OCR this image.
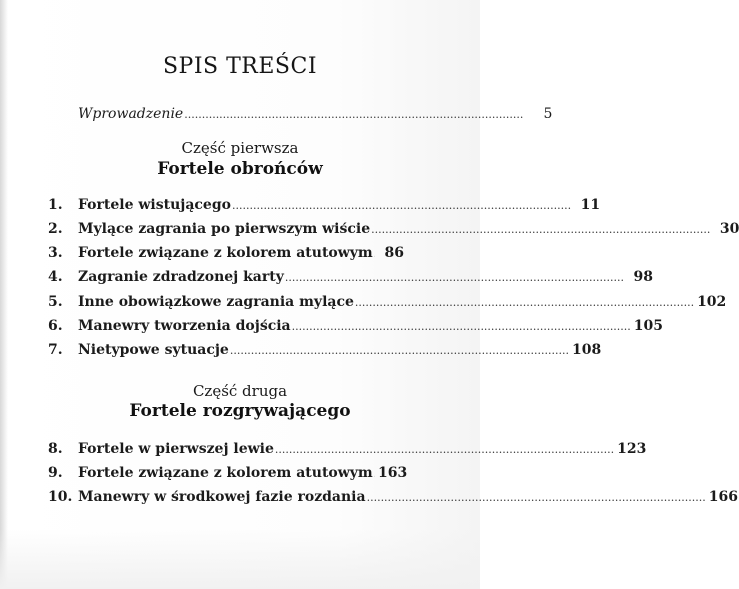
SPIS TREŚCI
Wprowadzenie .................................................................................................	5
Część pierwsza
Fortele obrońców
1.	Fortele wistującego ................................................................................................. 11
2.	Mylące zagrania po pierwszym wiście ................................................................................................. 30
3.	Fortele związane z kolorem atutowym 86
4.	Zagranie zdradzonej karty ................................................................................................. 98
5.	Inne obowiązkowe zagrania mylące ................................................................................................. 102
6.	Manewry tworzenia dojścia ................................................................................................. 105
7.	Nietypowe sytuacje ................................................................................................. 108
Część druga
Fortele rozgrywającego
8.	Fortele w pierwszej lewie ................................................................................................. 123
9.	Fortele związane z kolorem atutowym 163
10. Manewry w środkowej fazie rozdania ................................................................................................. 166
